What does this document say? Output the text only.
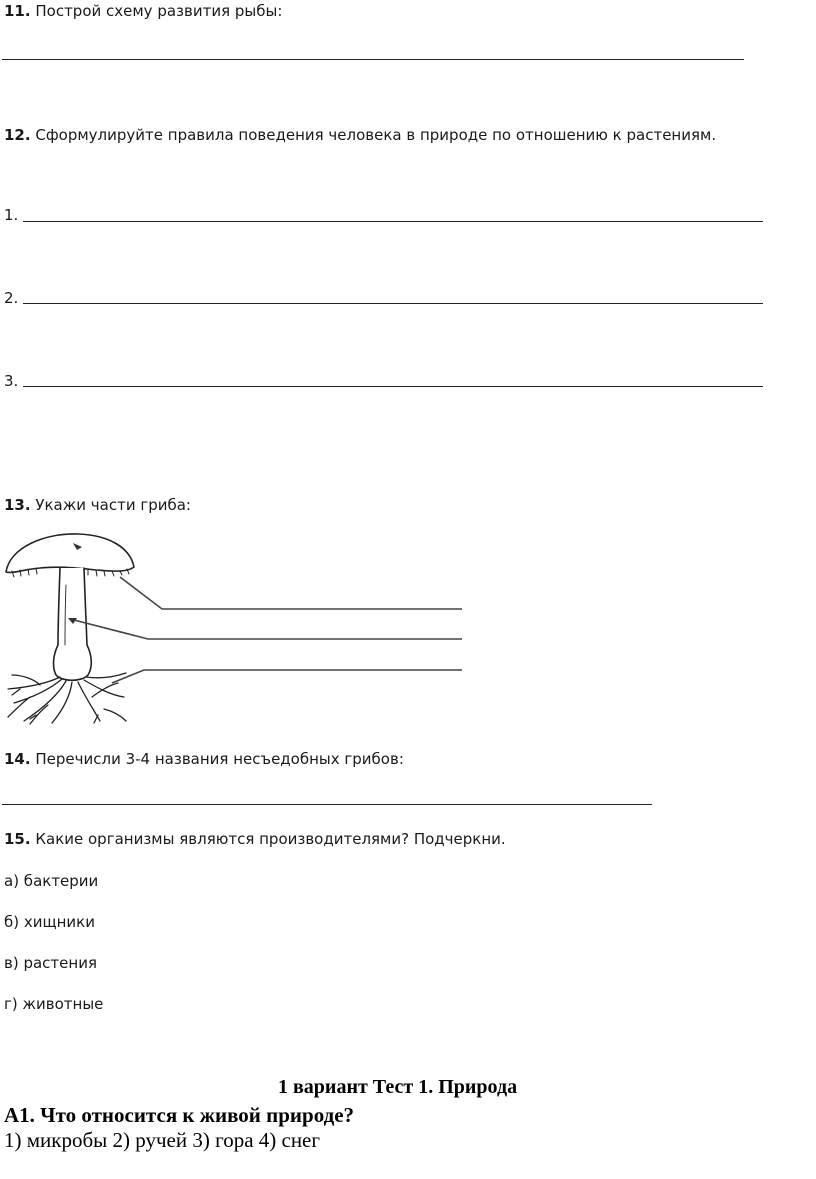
11. Построй схему развития рыбы:
12. Сформулируйте правила поведения человека в природе по отношению к растениям.
1.
2.
3.
13. Укажи части гриба:
14. Перечисли 3-4 названия несъедобных грибов:
15. Какие организмы являются производителями? Подчеркни.
а) бактерии
б) хищники
в) растения
г) животные
1 вариант Тест 1. Природа
А1. Что относится к живой природе?
1) микробы 2) ручей 3) гора 4) снег
